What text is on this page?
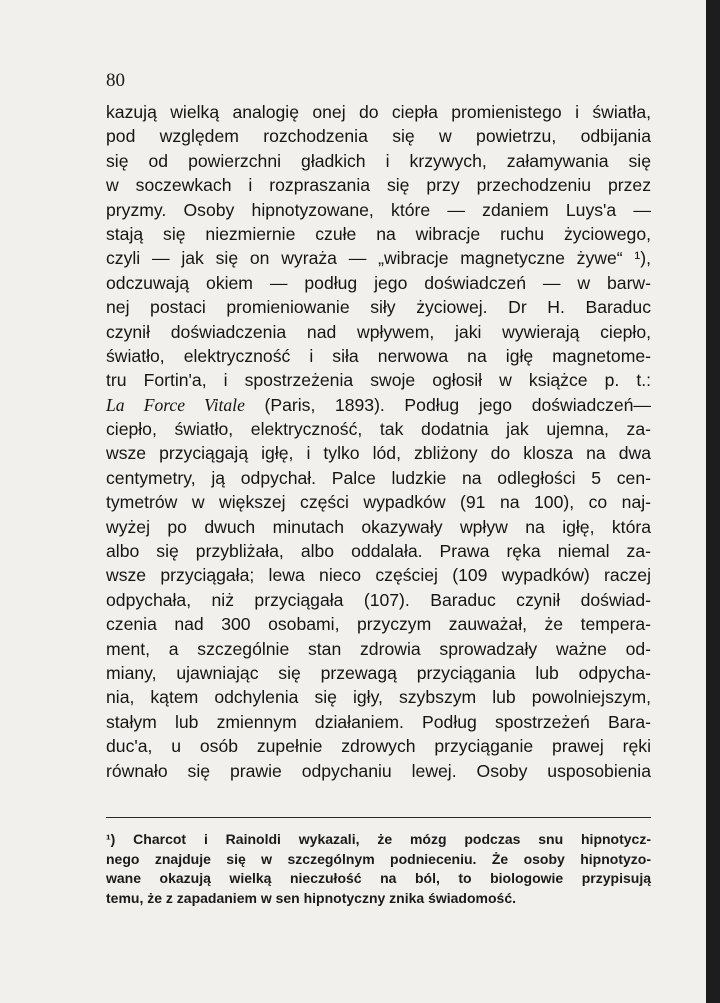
80
kazują wielką analogię onej do ciepła promienistego i światła,
pod względem rozchodzenia się w powietrzu, odbijania
się od powierzchni gładkich i krzywych, załamywania się
w soczewkach i rozpraszania się przy przechodzeniu przez
pryzmy. Osoby hipnotyzowane, które — zdaniem Luys'a —
stają się niezmiernie czułe na wibracje ruchu życiowego,
czyli — jak się on wyraża — „wibracje magnetyczne żywe“ ¹),
odczuwają okiem — podług jego doświadczeń — w barw-
nej postaci promieniowanie siły życiowej. Dr H. Baraduc
czynił doświadczenia nad wpływem, jaki wywierają ciepło,
światło, elektryczność i siła nerwowa na igłę magnetome-
tru Fortin'a, i spostrzeżenia swoje ogłosił w książce p. t.:
La Force Vitale (Paris, 1893). Podług jego doświadczeń—
ciepło, światło, elektryczność, tak dodatnia jak ujemna, za-
wsze przyciągają igłę, i tylko lód, zbliżony do klosza na dwa
centymetry, ją odpychał. Palce ludzkie na odległości 5 cen-
tymetrów w większej części wypadków (91 na 100), co naj-
wyżej po dwuch minutach okazywały wpływ na igłę, która
albo się przybliżała, albo oddalała. Prawa ręka niemal za-
wsze przyciągała; lewa nieco częściej (109 wypadków) raczej
odpychała, niż przyciągała (107). Baraduc czynił doświad-
czenia nad 300 osobami, przyczym zauważał, że tempera-
ment, a szczególnie stan zdrowia sprowadzały ważne od-
miany, ujawniając się przewagą przyciągania lub odpycha-
nia, kątem odchylenia się igły, szybszym lub powolniejszym,
stałym lub zmiennym działaniem. Podług spostrzeżeń Bara-
duc'a, u osób zupełnie zdrowych przyciąganie prawej ręki
równało się prawie odpychaniu lewej. Osoby usposobienia
¹) Charcot i Rainoldi wykazali, że mózg podczas snu hipnotycz-
nego znajduje się w szczególnym podnieceniu. Że osoby hipnotyzo-
wane okazują wielką nieczułość na ból, to biologowie przypisują
temu, że z zapadaniem w sen hipnotyczny znika świadomość.
